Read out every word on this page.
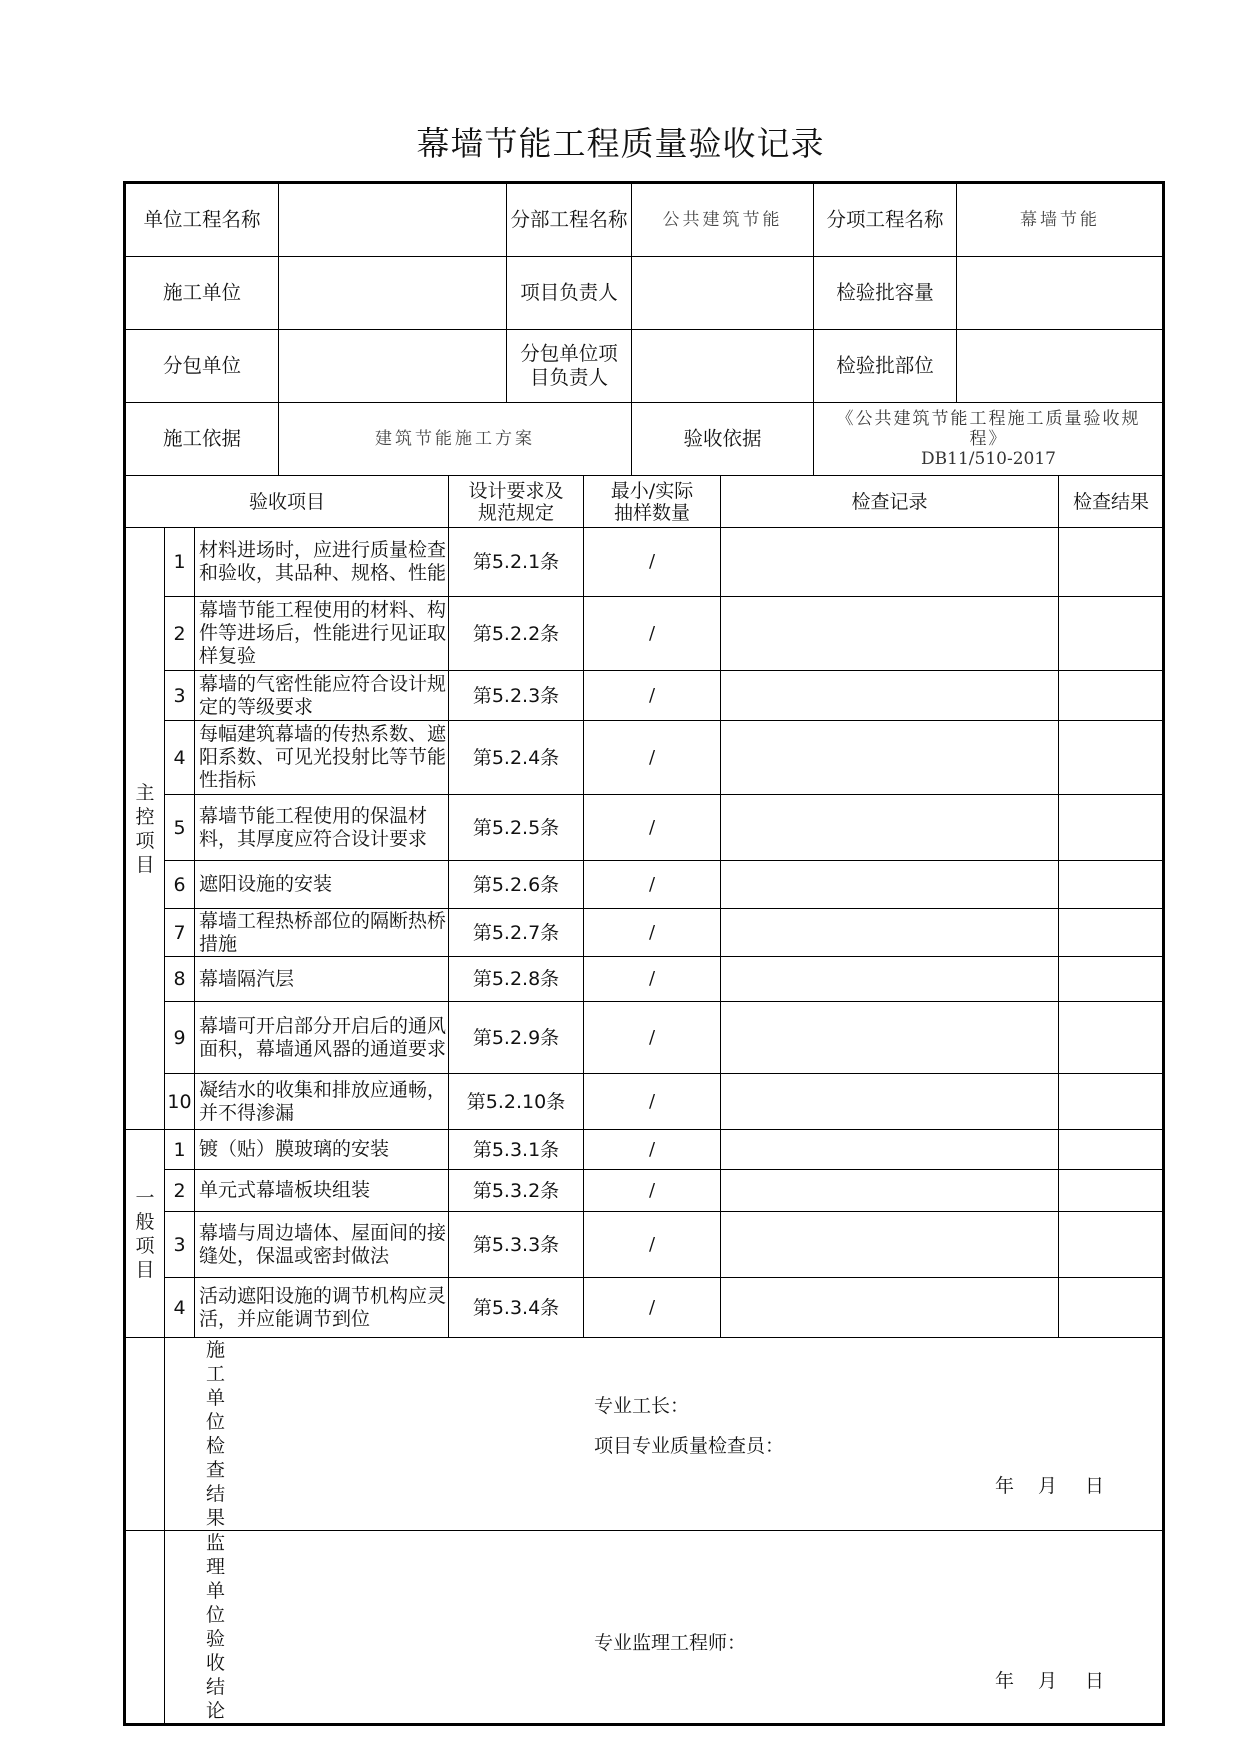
幕墙节能工程质量验收记录
单位工程名称					分部工程名称		公共建筑节能		分项工程名称	幕墙节能	
施工单位					项目负责人				检验批容量		
分包单位					分包单位项目负责人				检验批部位		
施工依据			建筑节能施工方案				验收依据		《公共建筑节能工程施工质量验收规程》
DB11/510-2017		

验收项目				设计要求及规范规定		最小/实际抽样数量		检查记录			检查结果

主控项目	1	材料进场时，应进行质量检查和验收，其品种、规格、性能		第5.2.1条		/					
	2	幕墙节能工程使用的材料、构件等进场后，性能进行见证取样复验		第5.2.2条		/					
	3	幕墙的气密性能应符合设计规定的等级要求		第5.2.3条		/					
	4	每幅建筑幕墙的传热系数、遮阳系数、可见光投射比等节能性指标		第5.2.4条		/					
	5	幕墙节能工程使用的保温材料，其厚度应符合设计要求		第5.2.5条		/					
	6	遮阳设施的安装		第5.2.6条		/					
	7	幕墙工程热桥部位的隔断热桥措施		第5.2.7条		/					
	8	幕墙隔汽层		第5.2.8条		/					
	9	幕墙可开启部分开启后的通风面积，幕墙通风器的通道要求		第5.2.9条		/					
	10	凝结水的收集和排放应通畅，并不得渗漏		第5.2.10条		/					

一般项目	1	镀（贴）膜玻璃的安装		第5.3.1条		/					
	2	单元式幕墙板块组装		第5.3.2条		/					
	3	幕墙与周边墙体、屋面间的接缝处，保温或密封做法		第5.3.3条		/					
	4	活动遮阳设施的调节机构应灵活，并应能调节到位		第5.3.4条		/					
施工单位检查结果	专业工长：
项目专业质量检查员：
年 月 日										

监理单位验收结论	专业监理工程师：
年 月 日										
